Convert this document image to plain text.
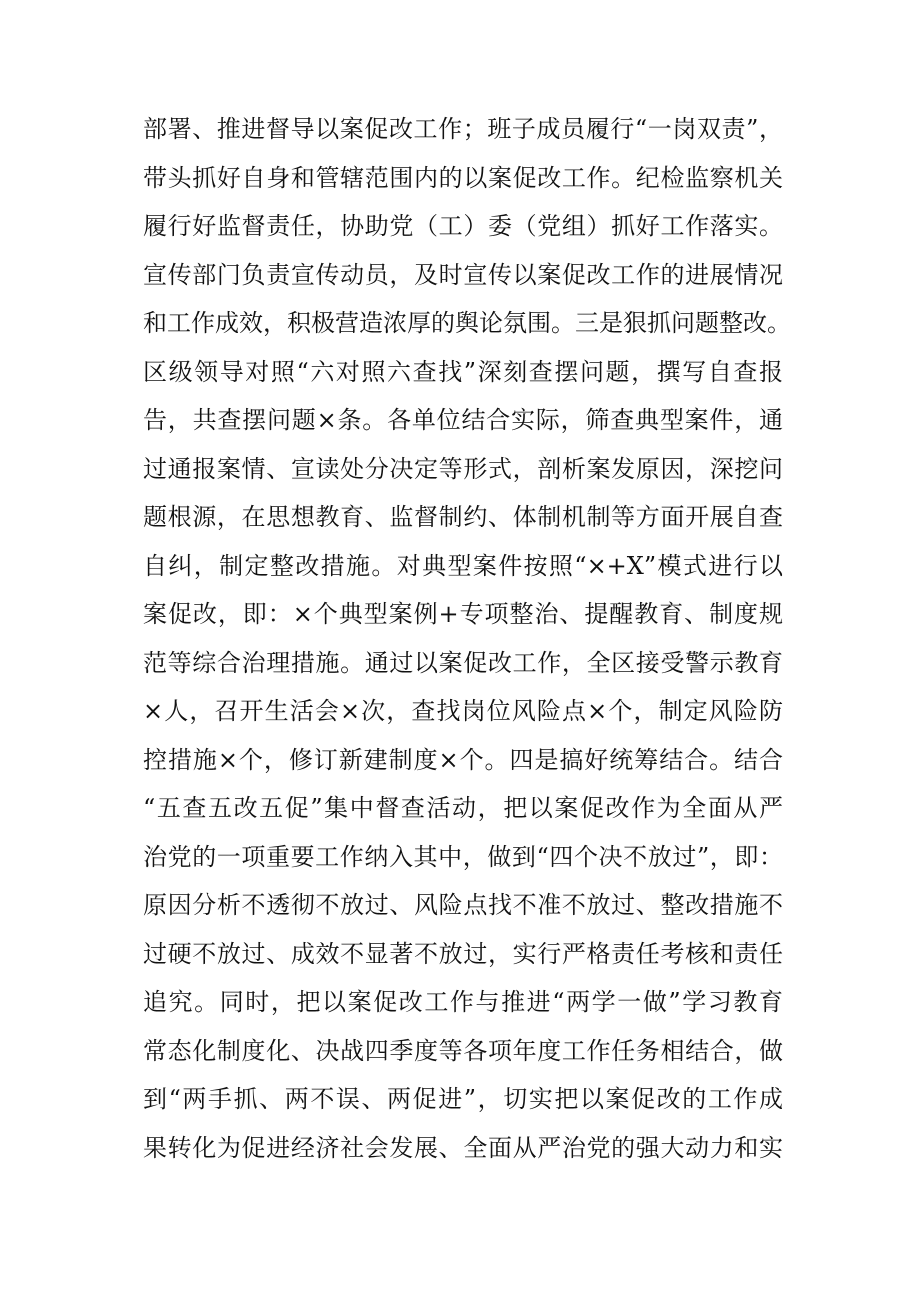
部署、推进督导以案促改工作；班子成员履行“一岗双责”，
带头抓好自身和管辖范围内的以案促改工作。纪检监察机关
履行好监督责任，协助党（工）委（党组）抓好工作落实。
宣传部门负责宣传动员，及时宣传以案促改工作的进展情况
和工作成效，积极营造浓厚的舆论氛围。三是狠抓问题整改。
区级领导对照“六对照六查找”深刻查摆问题，撰写自查报
告，共查摆问题×条。各单位结合实际，筛查典型案件，通
过通报案情、宣读处分决定等形式，剖析案发原因，深挖问
题根源，在思想教育、监督制约、体制机制等方面开展自查
自纠，制定整改措施。对典型案件按照“×+X”模式进行以
案促改，即：×个典型案例+专项整治、提醒教育、制度规
范等综合治理措施。通过以案促改工作，全区接受警示教育
×人，召开生活会×次，查找岗位风险点×个，制定风险防
控措施×个，修订新建制度×个。四是搞好统筹结合。结合
“五查五改五促”集中督查活动，把以案促改作为全面从严
治党的一项重要工作纳入其中，做到“四个决不放过”，即：
原因分析不透彻不放过、风险点找不准不放过、整改措施不
过硬不放过、成效不显著不放过，实行严格责任考核和责任
追究。同时，把以案促改工作与推进“两学一做”学习教育
常态化制度化、决战四季度等各项年度工作任务相结合，做
到“两手抓、两不误、两促进”，切实把以案促改的工作成
果转化为促进经济社会发展、全面从严治党的强大动力和实
